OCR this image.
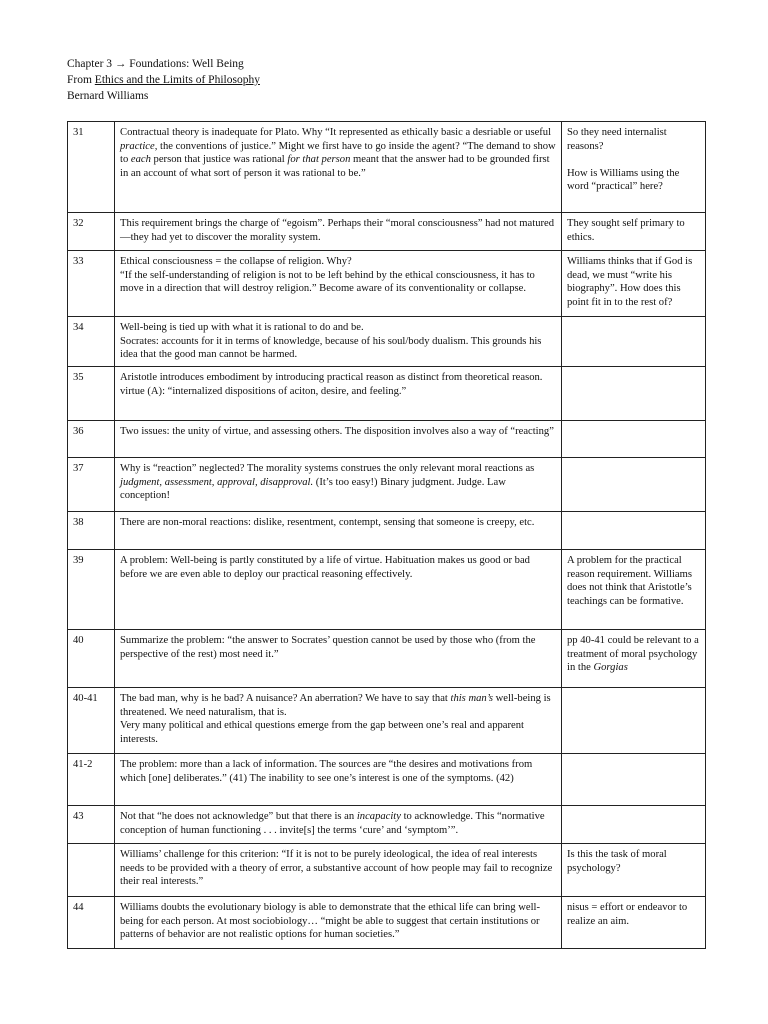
Chapter 3 → Foundations: Well Being
From Ethics and the Limits of Philosophy
Bernard Williams
31	Contractual theory is inadequate for Plato. Why “It represented as ethically basic a desriable or useful practice, the conventions of justice.” Might we first have to go inside the agent? “The demand to show to each person that justice was rational for that person meant that the answer had to be grounded first in an account of what sort of person it was rational to be.”	So they need internalist reasons?
How is Williams using the word “practical” here?
32	This requirement brings the charge of “egoism”. Perhaps their “moral consciousness” had not matured—they had yet to discover the morality system.	They sought self primary to ethics.
33	Ethical consciousness = the collapse of religion. Why?
“If the self-understanding of religion is not to be left behind by the ethical consciousness, it has to move in a direction that will destroy religion.” Become aware of its conventionality or collapse.	Williams thinks that if God is dead, we must “write his biography”. How does this point fit in to the rest of?
34	Well-being is tied up with what it is rational to do and be.
Socrates: accounts for it in terms of knowledge, because of his soul/body dualism. This grounds his idea that the good man cannot be harmed.	
35	Aristotle introduces embodiment by introducing practical reason as distinct from theoretical reason.
virtue (A): “internalized dispositions of aciton, desire, and feeling.”	
36	Two issues: the unity of virtue, and assessing others. The disposition involves also a way of “reacting”	
37	Why is “reaction” neglected? The morality systems construes the only relevant moral reactions as judgment, assessment, approval, disapproval. (It’s too easy!) Binary judgment. Judge. Law conception!	
38	There are non-moral reactions: dislike, resentment, contempt, sensing that someone is creepy, etc.	
39	A problem: Well-being is partly constituted by a life of virtue. Habituation makes us good or bad before we are even able to deploy our practical reasoning effectively.	A problem for the practical reason requirement. Williams does not think that Aristotle’s teachings can be formative.
40	Summarize the problem: “the answer to Socrates’ question cannot be used by those who (from the perspective of the rest) most need it.”	pp 40-41 could be relevant to a treatment of moral psychology in the Gorgias
40-41	The bad man, why is he bad? A nuisance? An aberration? We have to say that this man’s well-being is threatened. We need naturalism, that is.
Very many political and ethical questions emerge from the gap between one’s real and apparent interests.	
41-2	The problem: more than a lack of information. The sources are “the desires and motivations from which [one] deliberates.” (41) The inability to see one’s interest is one of the symptoms. (42)	
43	Not that “he does not acknowledge” but that there is an incapacity to acknowledge. This “normative conception of human functioning . . . invite[s] the terms ‘cure’ and ‘symptom’”.	
	Williams’ challenge for this criterion: “If it is not to be purely ideological, the idea of real interests needs to be provided with a theory of error, a substantive account of how people may fail to recognize their real interests.”	Is this the task of moral psychology?
44	Williams doubts the evolutionary biology is able to demonstrate that the ethical life can bring well-being for each person. At most sociobiology… “might be able to suggest that certain institutions or patterns of behavior are not realistic options for human societies.”	nisus = effort or endeavor to realize an aim.
